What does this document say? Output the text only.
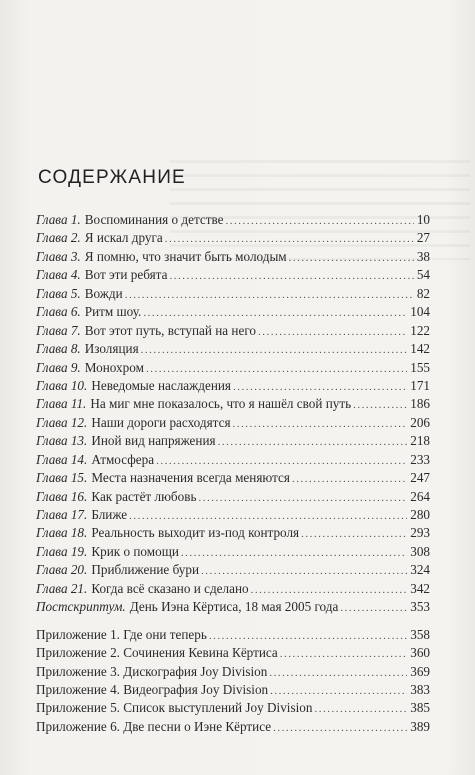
СОДЕРЖАНИЕ
Глава 1. Воспоминания о детстве .....	10
Глава 2. Я искал друга .....	27
Глава 3. Я помню, что значит быть молодым .....	38
Глава 4. Вот эти ребята .....	54
Глава 5. Вожди .....	82
Глава 6. Ритм шоу. .....	104
Глава 7. Вот этот путь, вступай на него .....	122
Глава 8. Изоляция .....	142
Глава 9. Монохром .....	155
Глава 10. Неведомые наслаждения .....	171
Глава 11. На миг мне показалось, что я нашёл свой путь .....	186
Глава 12. Наши дороги расходятся .....	206
Глава 13. Иной вид напряжения .....	218
Глава 14. Атмосфера .....	233
Глава 15. Места назначения всегда меняются .....	247
Глава 16. Как растёт любовь .....	264
Глава 17. Ближе .....	280
Глава 18. Реальность выходит из-под контроля .....	293
Глава 19. Крик о помощи .....	308
Глава 20. Приближение бури .....	324
Глава 21. Когда всё сказано и сделано .....	342
Постскриптум. День Иэна Кёртиса, 18 мая 2005 года .....	353
Приложение 1. Где они теперь .....	358
Приложение 2. Сочинения Кевина Кёртиса .....	360
Приложение 3. Дискография Joy Division .....	369
Приложение 4. Видеография Joy Division .....	383
Приложение 5. Список выступлений Joy Division .....	385
Приложение 6. Две песни о Иэне Кёртисе .....	389
